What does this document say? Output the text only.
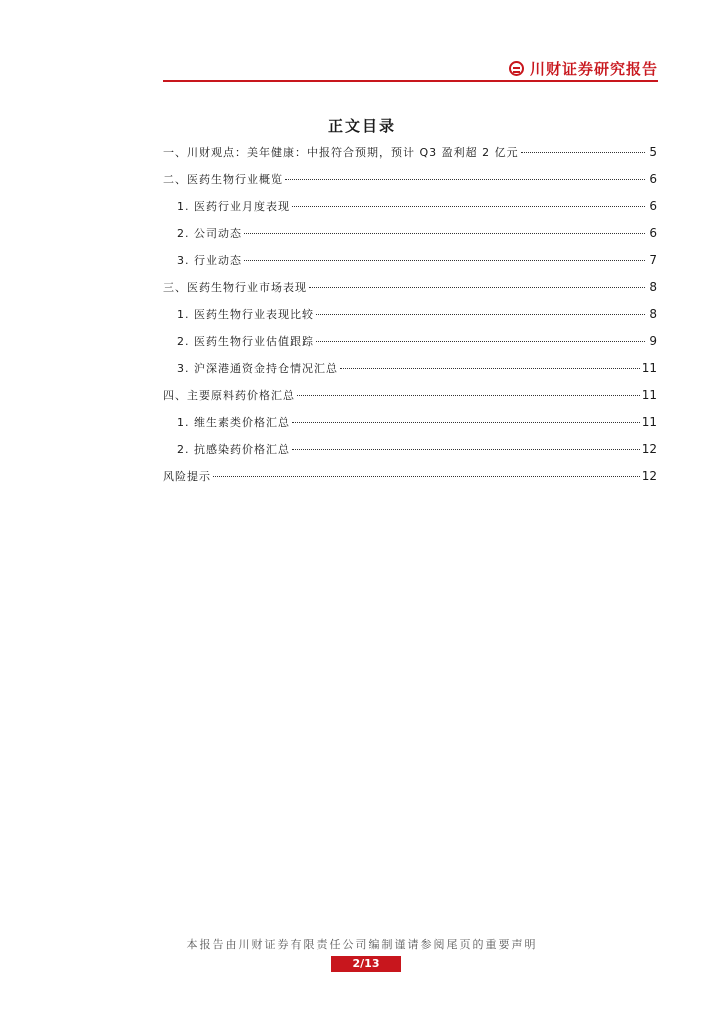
川财证券研究报告
正文目录
一、川财观点：美年健康：中报符合预期，预计 Q3 盈利超 2 亿元	5
二、医药生物行业概览	6
1. 医药行业月度表现	6
2. 公司动态	6
3. 行业动态	7
三、医药生物行业市场表现	8
1. 医药生物行业表现比较	8
2. 医药生物行业估值跟踪	9
3. 沪深港通资金持仓情况汇总	11
四、主要原料药价格汇总	11
1. 维生素类价格汇总	11
2. 抗感染药价格汇总	12
风险提示	12
本报告由川财证券有限责任公司编制谨请参阅尾页的重要声明
2/13
